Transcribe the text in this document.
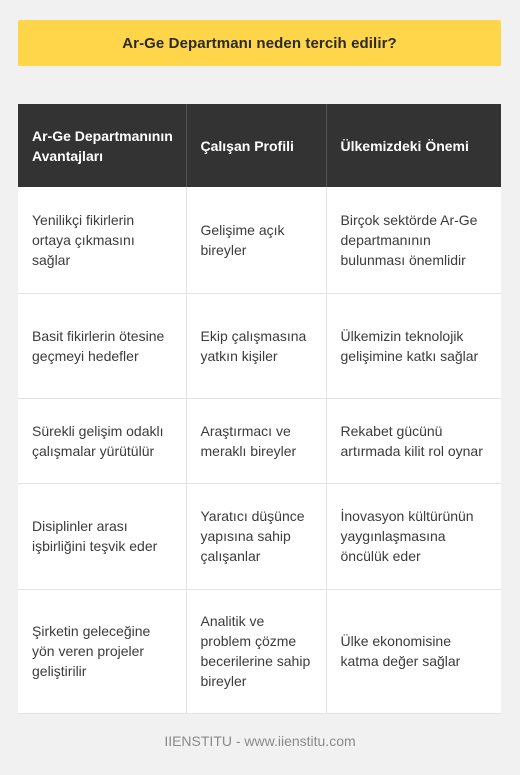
Ar-Ge Departmanı neden tercih edilir?
Ar-Ge Departmanının Avantajları	Çalışan Profili	Ülkemizdeki Önemi
Yenilikçi fikirlerin ortaya çıkmasını sağlar	Gelişime açık bireyler	Birçok sektörde Ar-Ge departmanının bulunması önemlidir
Basit fikirlerin ötesine geçmeyi hedefler	Ekip çalışmasına yatkın kişiler	Ülkemizin teknolojik gelişimine katkı sağlar
Sürekli gelişim odaklı çalışmalar yürütülür	Araştırmacı ve meraklı bireyler	Rekabet gücünü artırmada kilit rol oynar
Disiplinler arası işbirliğini teşvik eder	Yaratıcı düşünce yapısına sahip çalışanlar	İnovasyon kültürünün yaygınlaşmasına öncülük eder
Şirketin geleceğine yön veren projeler geliştirilir	Analitik ve problem çözme becerilerine sahip bireyler	Ülke ekonomisine katma değer sağlar
IIENSTITU - www.iienstitu.com
